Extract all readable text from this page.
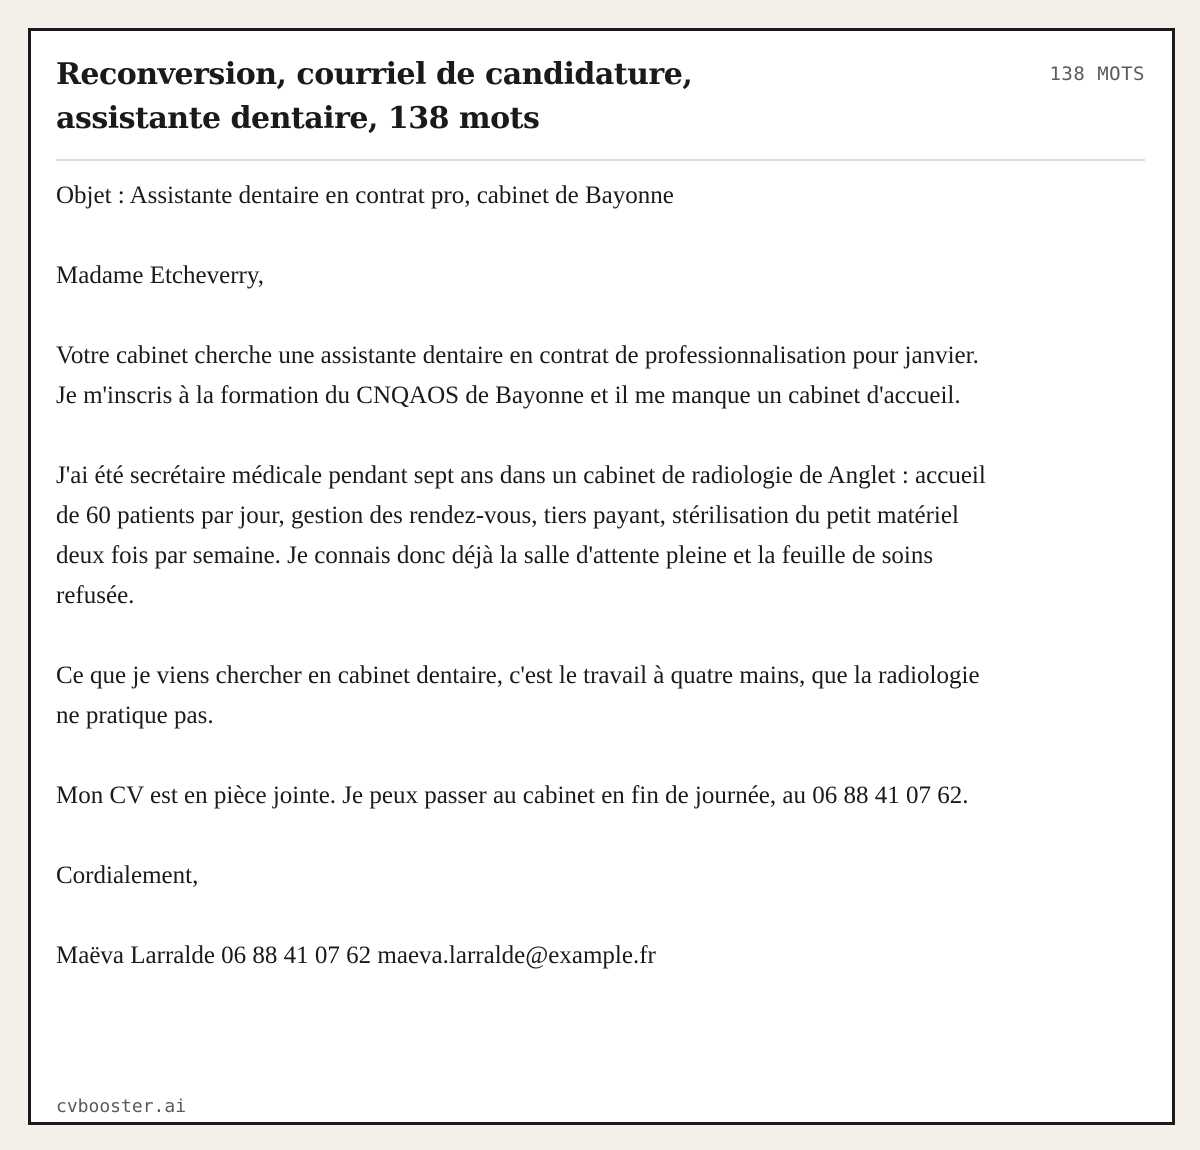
Reconversion, courriel de candidature,
assistante dentaire, 138 mots
138 MOTS

Objet : Assistante dentaire en contrat pro, cabinet de Bayonne

Madame Etcheverry,

Votre cabinet cherche une assistante dentaire en contrat de professionnalisation pour janvier. Je m'inscris à la formation du CNQAOS de Bayonne et il me manque un cabinet d'accueil.

J'ai été secrétaire médicale pendant sept ans dans un cabinet de radiologie de Anglet : accueil de 60 patients par jour, gestion des rendez-vous, tiers payant, stérilisation du petit matériel deux fois par semaine. Je connais donc déjà la salle d'attente pleine et la feuille de soins refusée.

Ce que je viens chercher en cabinet dentaire, c'est le travail à quatre mains, que la radiologie ne pratique pas.

Mon CV est en pièce jointe. Je peux passer au cabinet en fin de journée, au 06 88 41 07 62.

Cordialement,

Maëva Larralde 06 88 41 07 62 maeva.larralde@example.fr

cvbooster.ai
